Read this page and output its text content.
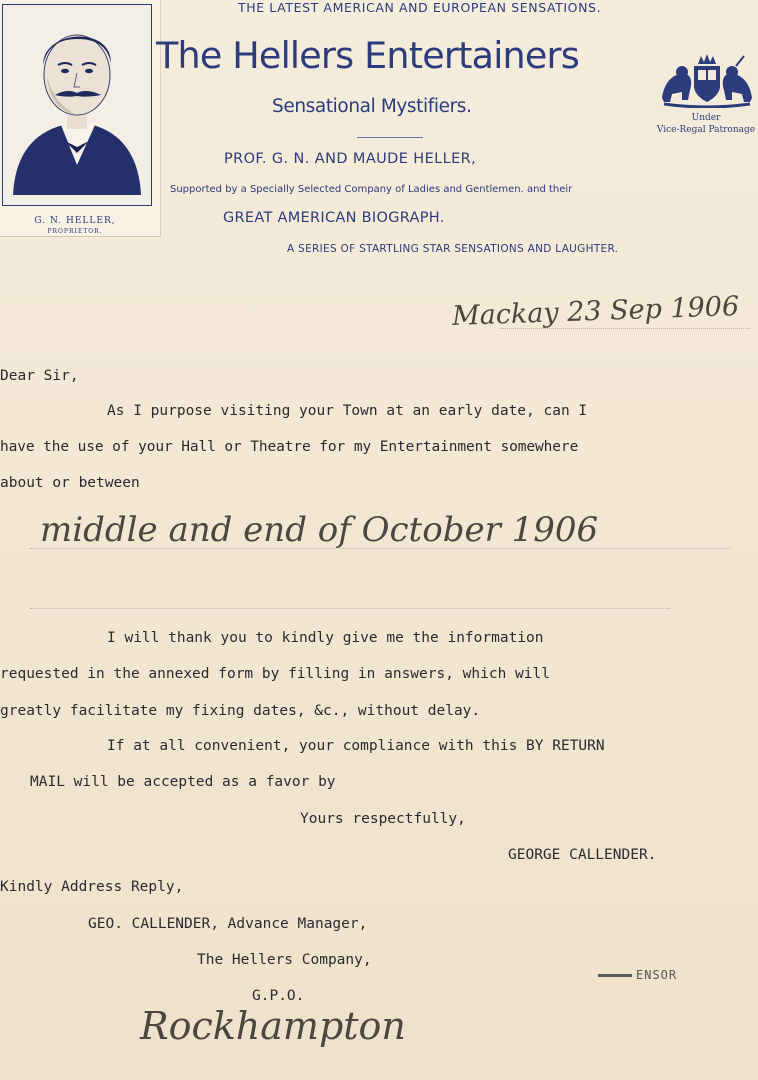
G. N. HELLER,
PROPRIETOR.
THE LATEST AMERICAN AND EUROPEAN SENSATIONS.
The Hellers Entertainers
Sensational Mystifiers.
PROF. G. N. AND MAUDE HELLER,
Supported by a Specially Selected Company of Ladies and Gentlemen. and their
GREAT AMERICAN BIOGRAPH.
A SERIES OF STARTLING STAR SENSATIONS AND LAUGHTER.
Under
Vice-Regal Patronage
Mackay 23 Sep 1906
Dear Sir,
As I purpose visiting your Town at an early date, can I
have the use of your Hall or Theatre for my Entertainment somewhere
about or between
middle and end of October 1906
I will thank you to kindly give me the information
requested in the annexed form by filling in answers, which will
greatly facilitate my fixing dates, &c., without delay.
If at all convenient, your compliance with this BY RETURN
MAIL will be accepted as a favor by
Yours respectfully,
GEORGE CALLENDER.
Kindly Address Reply,
GEO. CALLENDER, Advance Manager,
The Hellers Company,
G.P.O.
Rockhampton
ENSOR
